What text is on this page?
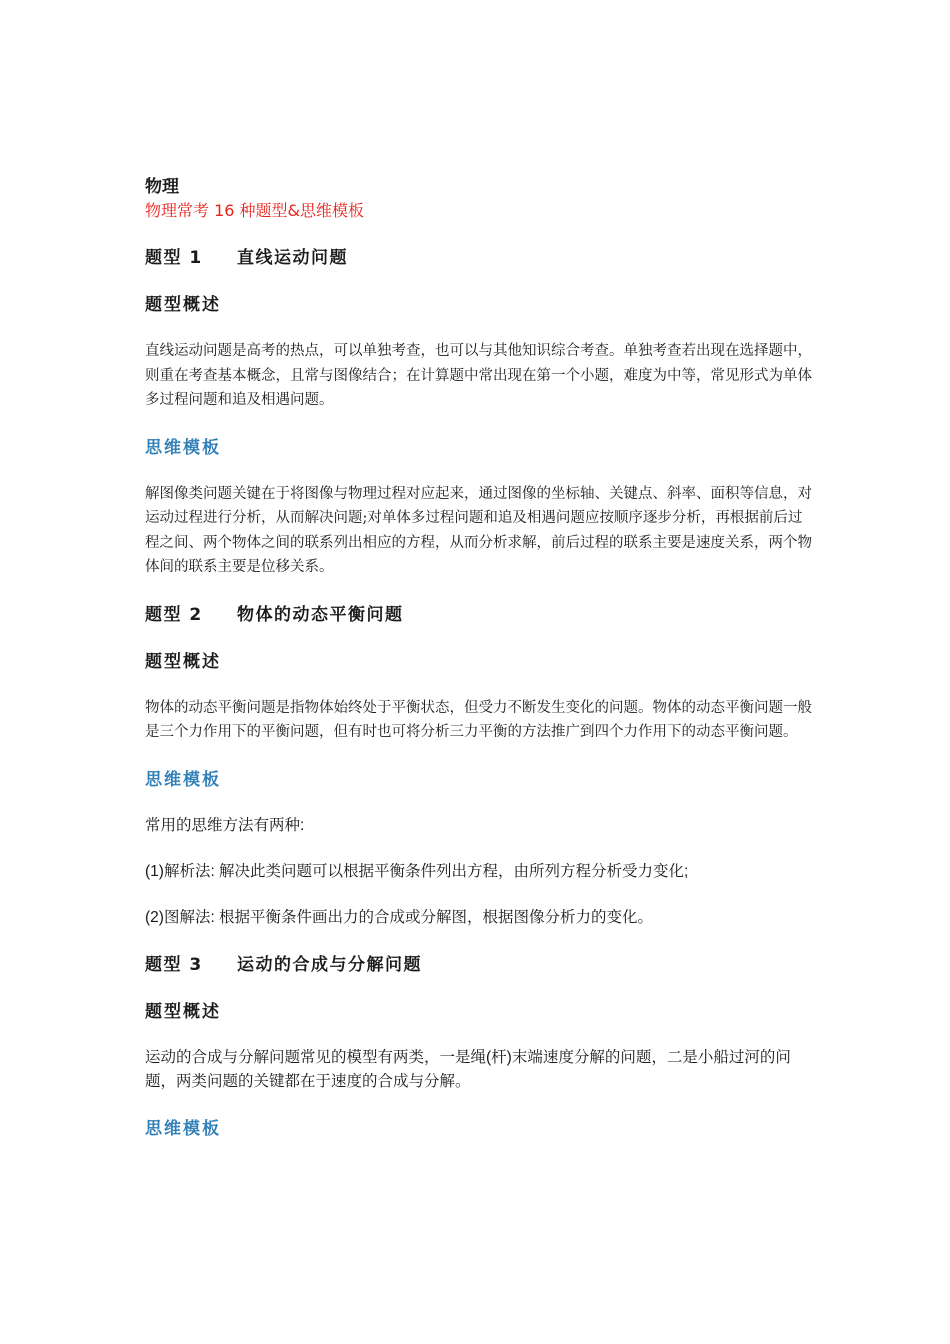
物理
物理常考 16 种题型&思维模板
题型 1 直线运动问题
题型概述

直线运动问题是高考的热点，可以单独考查，也可以与其他知识综合考查。单独考查若出现在选择题中，则重在考查基本概念，且常与图像结合；在计算题中常出现在第一个小题，难度为中等，常见形式为单体多过程问题和追及相遇问题。

思维模板

解图像类问题关键在于将图像与物理过程对应起来，通过图像的坐标轴、关键点、斜率、面积等信息，对运动过程进行分析，从而解决问题;对单体多过程问题和追及相遇问题应按顺序逐步分析，再根据前后过程之间、两个物体之间的联系列出相应的方程，从而分析求解，前后过程的联系主要是速度关系，两个物体间的联系主要是位移关系。

题型 2 物体的动态平衡问题
题型概述

物体的动态平衡问题是指物体始终处于平衡状态，但受力不断发生变化的问题。物体的动态平衡问题一般是三个力作用下的平衡问题，但有时也可将分析三力平衡的方法推广到四个力作用下的动态平衡问题。

思维模板

常用的思维方法有两种:

(1)解析法: 解决此类问题可以根据平衡条件列出方程，由所列方程分析受力变化;

(2)图解法: 根据平衡条件画出力的合成或分解图，根据图像分析力的变化。

题型 3 运动的合成与分解问题
题型概述

运动的合成与分解问题常见的模型有两类，一是绳(杆)末端速度分解的问题，二是小船过河的问题，两类问题的关键都在于速度的合成与分解。

思维模板
